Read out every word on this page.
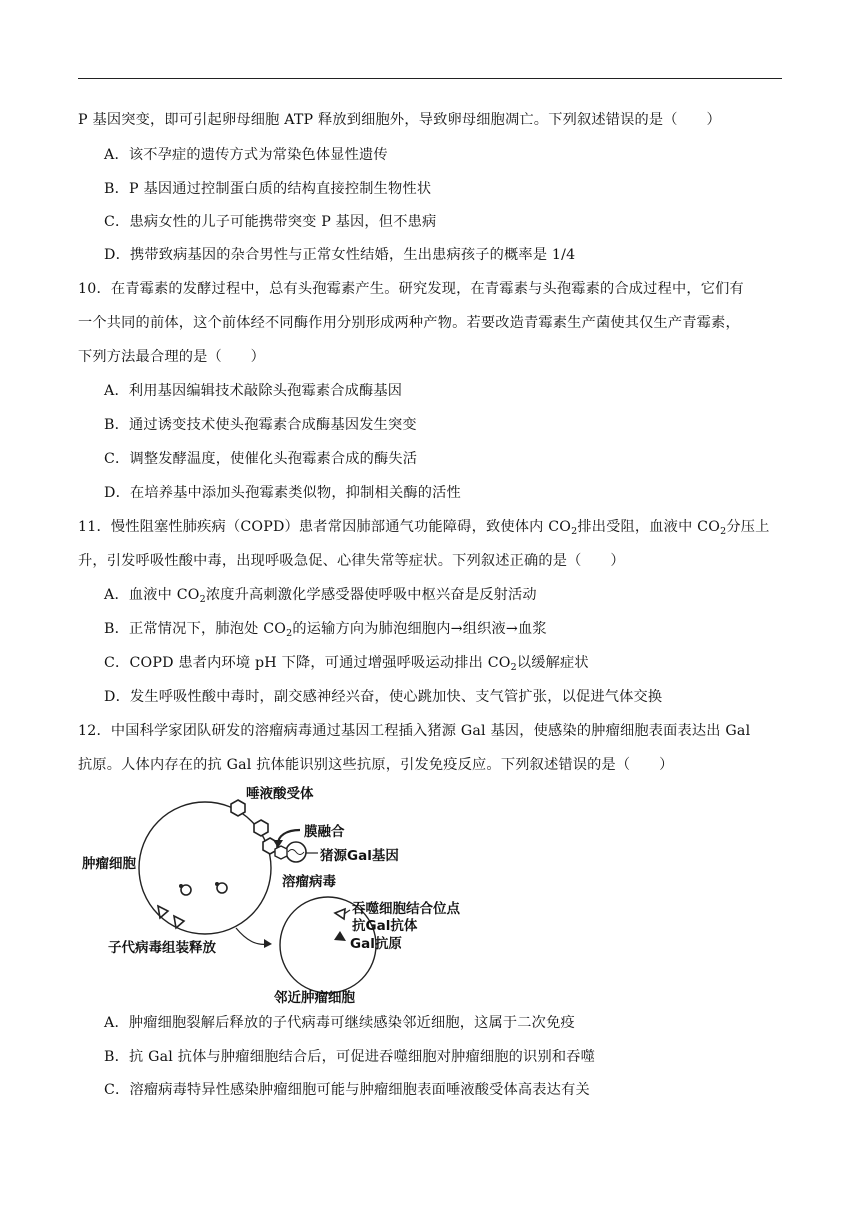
P 基因突变，即可引起卵母细胞 ATP 释放到细胞外，导致卵母细胞凋亡。下列叙述错误的是（　　）
A．该不孕症的遗传方式为常染色体显性遗传
B．P 基因通过控制蛋白质的结构直接控制生物性状
C．患病女性的儿子可能携带突变 P 基因，但不患病
D．携带致病基因的杂合男性与正常女性结婚，生出患病孩子的概率是 1/4
10．在青霉素的发酵过程中，总有头孢霉素产生。研究发现，在青霉素与头孢霉素的合成过程中，它们有
一个共同的前体，这个前体经不同酶作用分别形成两种产物。若要改造青霉素生产菌使其仅生产青霉素，
下列方法最合理的是（　　）
A．利用基因编辑技术敲除头孢霉素合成酶基因
B．通过诱变技术使头孢霉素合成酶基因发生突变
C．调整发酵温度，使催化头孢霉素合成的酶失活
D．在培养基中添加头孢霉素类似物，抑制相关酶的活性
11．慢性阻塞性肺疾病（COPD）患者常因肺部通气功能障碍，致使体内 $CO_2$排出受阻，血液中 $CO_2$分压上
升，引发呼吸性酸中毒，出现呼吸急促、心律失常等症状。下列叙述正确的是（　　）
A．血液中 $CO_2$浓度升高刺激化学感受器使呼吸中枢兴奋是反射活动
B．正常情况下，肺泡处 $CO_2$的运输方向为肺泡细胞内→组织液→血浆
C．COPD 患者内环境 pH 下降，可通过增强呼吸运动排出 $CO_2$以缓解症状
D．发生呼吸性酸中毒时，副交感神经兴奋，使心跳加快、支气管扩张，以促进气体交换
12．中国科学家团队研发的溶瘤病毒通过基因工程插入猪源 Gal 基因，使感染的肿瘤细胞表面表达出 Gal
抗原。人体内存在的抗 Gal 抗体能识别这些抗原，引发免疫反应。下列叙述错误的是（　　）
唾液酸受体
膜融合
肿瘤细胞	猪源Gal基因
溶瘤病毒
吞噬细胞结合位点
抗Gal抗体
Gal抗原
子代病毒组装释放
邻近肿瘤细胞
A．肿瘤细胞裂解后释放的子代病毒可继续感染邻近细胞，这属于二次免疫
B．抗 Gal 抗体与肿瘤细胞结合后，可促进吞噬细胞对肿瘤细胞的识别和吞噬
C．溶瘤病毒特异性感染肿瘤细胞可能与肿瘤细胞表面唾液酸受体高表达有关
